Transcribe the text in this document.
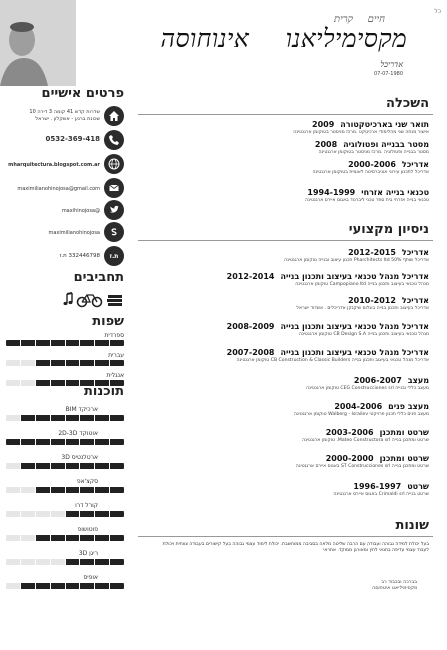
כל
קרית חיים
מקסימיליאנו
אינוחוסה
אדריכל
07-07-1980
פרטים אישיים
שדרות קדש 41 קומה 3 דירה 10
שכונת ברנע - אשקלון . ישראל
0532-369-418
mharquitectura.blogspot.com.ar
maximilianohinojosa@gmail.com
@maxihinojosa
maximilianohinojosa
ת.ז
332446798 ת.ז
תחביבים
שפות
ספרדית
עברית
אנגלית
תוכנות
ארכיקד BIM
אוטוקד 2D-3D
ארטלנטיס 3D
סקצ'אפ
קורל דרו
פוטושופ
ריגן 3D
אופיס
השכלה
תואר שני בארכיטקטורה2009
אישור מנחה שני מהלימודי ארכיטקט .מרכז מניסטר בטוקומן ארגנטינה
מסטר בבנייה ופטולוגיה2008
מסטר בבנייה ופטולוגיה .מרכז מניסטר בטוקומן ארגנטינה
אדריכל2000-2006
אדריכל לתכנון עירוני אוניברסיטה לאומית בטוקומן ארגנטינה
טכנאי בנייה אזרחי1994-1999
טכנאי בנייה אזרחי בית ספר טכני ליברטד באגוס איירס ארגנטינה
ניסיון מקצועי
אדריכל2012-2015
אדריכל שותף 50% Pharchitects ltd תכנון עיצוב ובנייה טוקומן ארגנטינה
אדריכל מנהל טכנאי בעיצוב ותכנון בנייה2012-2014
מנהל טכנאי בעיצוב ותכנון בנייה Campopiano ltd טוקומן ארגנטינה
אדריכל2010-2012
אדריכל בעיצוב ותכנון בנייה בונלוס שיקנקן אדריכלים . אשדוד ישראל
אדריכל מנהל טכנאי בעיצוב ותכנון בנייה2008-2009
מנהל טכנאי בעיצוב ותכנון בנייה CB Design S.A טוקומן ארגנטינה
אדריכל מנהל טכנאי בעיצוב ותכנון בנייה2007-2008
אדריכל מנהל טכנאי בעיצוב ותכנון בנייה CB Construction & Classic Builders טוקומן ארגנטינה
מעצב2006-2007
מעצב כללי ובנייה CEG Construcciones srl טוקומן ארגנטינה
מעצב פנים2004-2006
מעצב פנים כללי תכנון פרויקטי Walberg - Israilev טוקומן ארגנטינה
שרטט ומתכנן2003-2006
שרטט ומתכנן בנייה Mateo Constructora srl. טוקומן ארגנטינה
שרטט ומתכנן2000-2000
שרטט ומתכנן בנייה ST Construcciones srl באגוס איירס ארגנטינה
שרטט1996-1997
שרטט בנייה Crimaldi srl באגוס איירס ארגנטינה
שונות
בעל יכולת למידה גבוהה ועבודה עם הרבה שליטה מלאה בסביבה ממוחשבת. יכולת לימוד עצמי גבוהה בעל קישורים בעבודה צוותית ויכולת לעבוד עצמי עדיפה בתנאי לחץ ומאורגן ממוקד. אחראי
בברכה ובכבוד רב
מקסימיליאנו אינוחוסה
